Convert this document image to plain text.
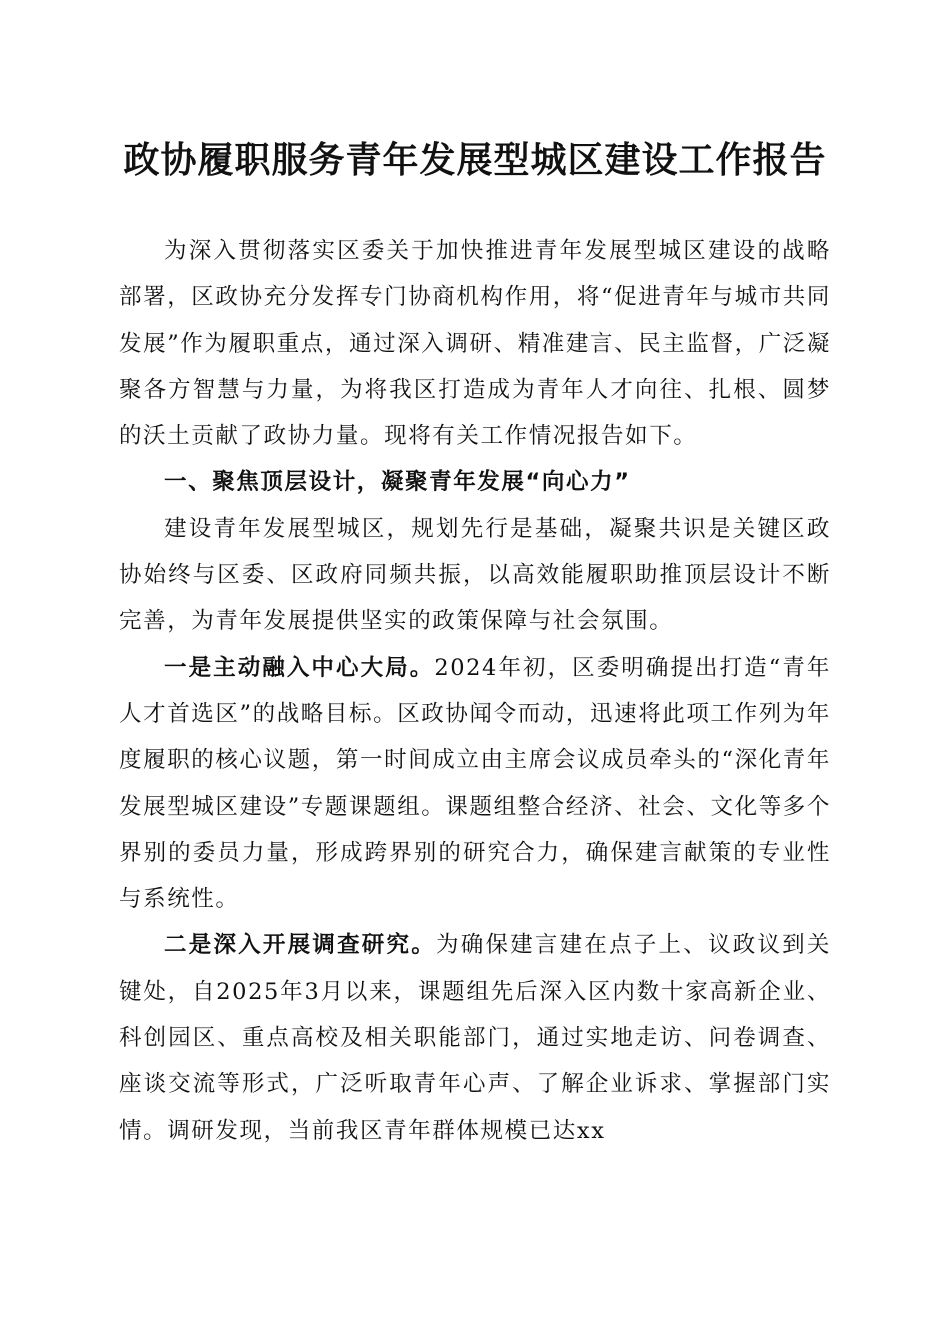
政协履职服务青年发展型城区建设工作报告

为深入贯彻落实区委关于加快推进青年发展型城区建设的战略部署，区政协充分发挥专门协商机构作用，将“促进青年与城市共同发展”作为履职重点，通过深入调研、精准建言、民主监督，广泛凝聚各方智慧与力量，为将我区打造成为青年人才向往、扎根、圆梦的沃土贡献了政协力量。现将有关工作情况报告如下。

一、聚焦顶层设计，凝聚青年发展“向心力”

建设青年发展型城区，规划先行是基础，凝聚共识是关键区政协始终与区委、区政府同频共振，以高效能履职助推顶层设计不断完善，为青年发展提供坚实的政策保障与社会氛围。

一是主动融入中心大局。2024年初，区委明确提出打造“青年人才首选区”的战略目标。区政协闻令而动，迅速将此项工作列为年度履职的核心议题，第一时间成立由主席会议成员牵头的“深化青年发展型城区建设”专题课题组。课题组整合经济、社会、文化等多个界别的委员力量，形成跨界别的研究合力，确保建言献策的专业性与系统性。

二是深入开展调查研究。为确保建言建在点子上、议政议到关键处，自2025年3月以来，课题组先后深入区内数十家高新企业、科创园区、重点高校及相关职能部门，通过实地走访、问卷调查、座谈交流等形式，广泛听取青年心声、了解企业诉求、掌握部门实情。调研发现，当前我区青年群体规模已达xx
